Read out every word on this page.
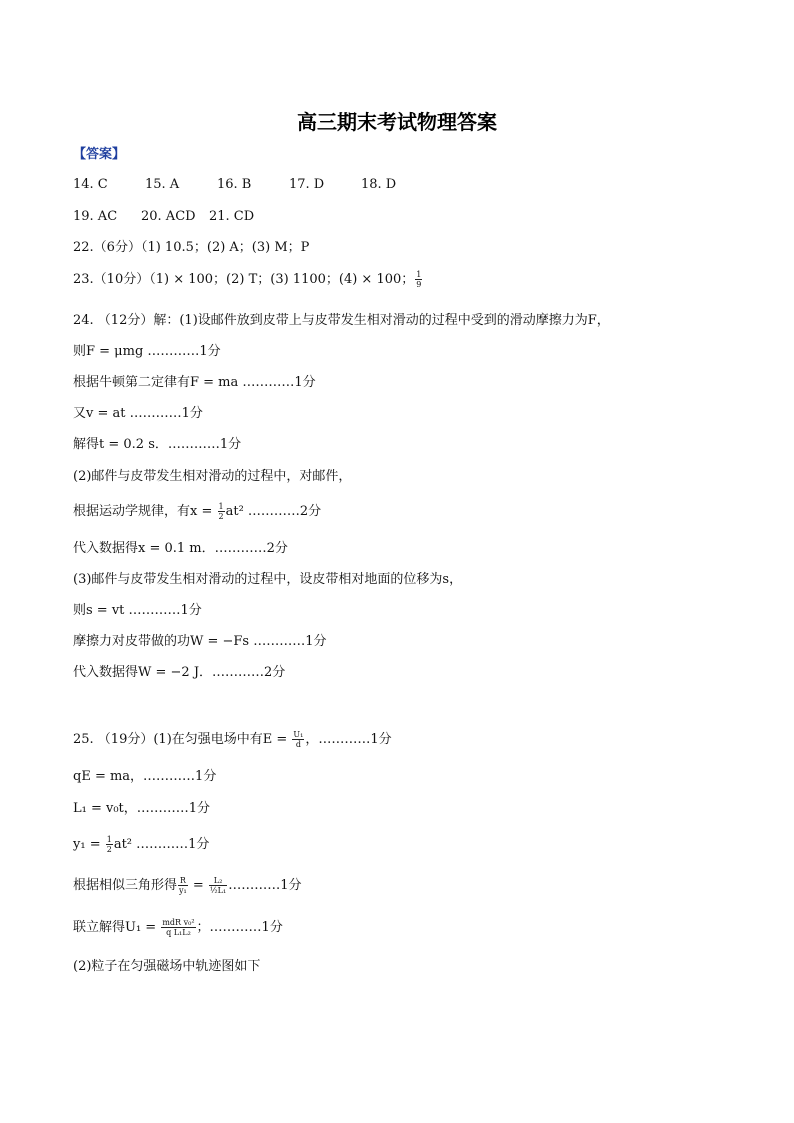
高三期末考试物理答案
【答案】
14. C	15. A	16. B	17. D	18. D
19. AC 20. ACD 21. CD
22.（6分）（1) 10.5；(2) A；(3) M；P
23.（10分）（1) × 100；(2) T；(3) 1100；(4) × 100； $\frac{1}{9}$
24. （12分）解：(1)设邮件放到皮带上与皮带发生相对滑动的过程中受到的滑动摩擦力为F，
则F = μmg …………1分
根据牛顿第二定律有F = ma …………1分
又v = at …………1分
解得t = 0.2 s．…………1分
(2)邮件与皮带发生相对滑动的过程中，对邮件，
根据运动学规律，有$x = \frac{1}{2} at^2$ …………2分
代入数据得x = 0.1 m．…………2分
(3)邮件与皮带发生相对滑动的过程中，设皮带相对地面的位移为s，
则s = vt …………1分
摩擦力对皮带做的功W = −Fs …………1分
代入数据得W = −2 J．…………2分
25. （19分）(1)在匀强电场中有$E = \frac{\text{U₁}}{d}$ ，…………1分
qE = ma，…………1分
L₁ = v₀t，…………1分
$y_1 = \frac{1}{2} at^2$ …………1分
根据相似三角形得 $\frac{R}{\text{y₁}} = \frac{\text{L₂}}{\text{½L₁}}$ …………1分
联立解得$U_1 = \frac{\text{mdR v₀²}}{\text{q L₁L₂}}$ ；…………1分
(2)粒子在匀强磁场中轨迹图如下
